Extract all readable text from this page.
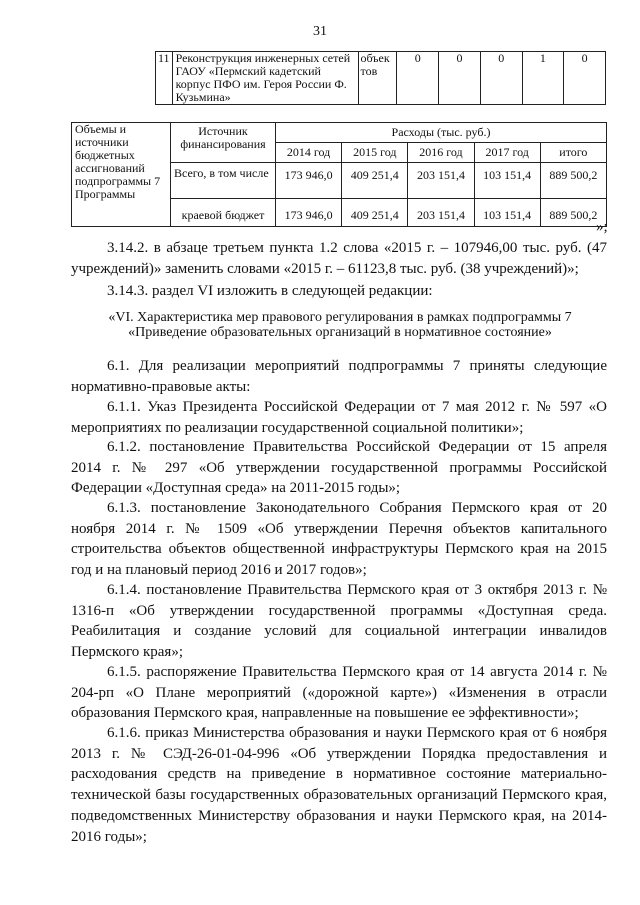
31
11	Реконструкция инженерных сетей ГАОУ «Пермский кадетский корпус ПФО им. Героя России Ф. Кузьмина»	объек тов	0	0	0	1	0
Объемы и источники бюджетных ассигнований подпрограммы 7 Программы	Источник финансирования	Расходы (тыс. руб.)				
		2014 год	2015 год	2016 год	2017 год	итого
	Всего, в том числе	173 946,0	409 251,4	203 151,4	103 151,4	889 500,2
	краевой бюджет	173 946,0	409 251,4	203 151,4	103 151,4	889 500,2
»;

3.14.2. в абзаце третьем пункта 1.2 слова «2015 г. – 107946,00 тыс. руб. (47 учреждений)» заменить словами «2015 г. – 61123,8 тыс. руб. (38 учреждений)»;

3.14.3. раздел VI изложить в следующей редакции:

«VI. Характеристика мер правового регулирования в рамках подпрограммы 7 «Приведение образовательных организаций в нормативное состояние»

6.1. Для реализации мероприятий подпрограммы 7 приняты следующие нормативно-правовые акты:

6.1.1. Указ Президента Российской Федерации от 7 мая 2012 г. № 597 «О мероприятиях по реализации государственной социальной политики»;

6.1.2. постановление Правительства Российской Федерации от 15 апреля 2014 г. № 297 «Об утверждении государственной программы Российской Федерации «Доступная среда» на 2011-2015 годы»;

6.1.3. постановление Законодательного Собрания Пермского края от 20 ноября 2014 г. № 1509 «Об утверждении Перечня объектов капитального строительства объектов общественной инфраструктуры Пермского края на 2015 год и на плановый период 2016 и 2017 годов»;

6.1.4. постановление Правительства Пермского края от 3 октября 2013 г. № 1316-п «Об утверждении государственной программы «Доступная среда. Реабилитация и создание условий для социальной интеграции инвалидов Пермского края»;

6.1.5. распоряжение Правительства Пермского края от 14 августа 2014 г. № 204-рп «О Плане мероприятий («дорожной карте») «Изменения в отрасли образования Пермского края, направленные на повышение ее эффективности»;

6.1.6. приказ Министерства образования и науки Пермского края от 6 ноября 2013 г. № СЭД-26-01-04-996 «Об утверждении Порядка предоставления и расходования средств на приведение в нормативное состояние материально-технической базы государственных образовательных организаций Пермского края, подведомственных Министерству образования и науки Пермского края, на 2014-2016 годы»;
